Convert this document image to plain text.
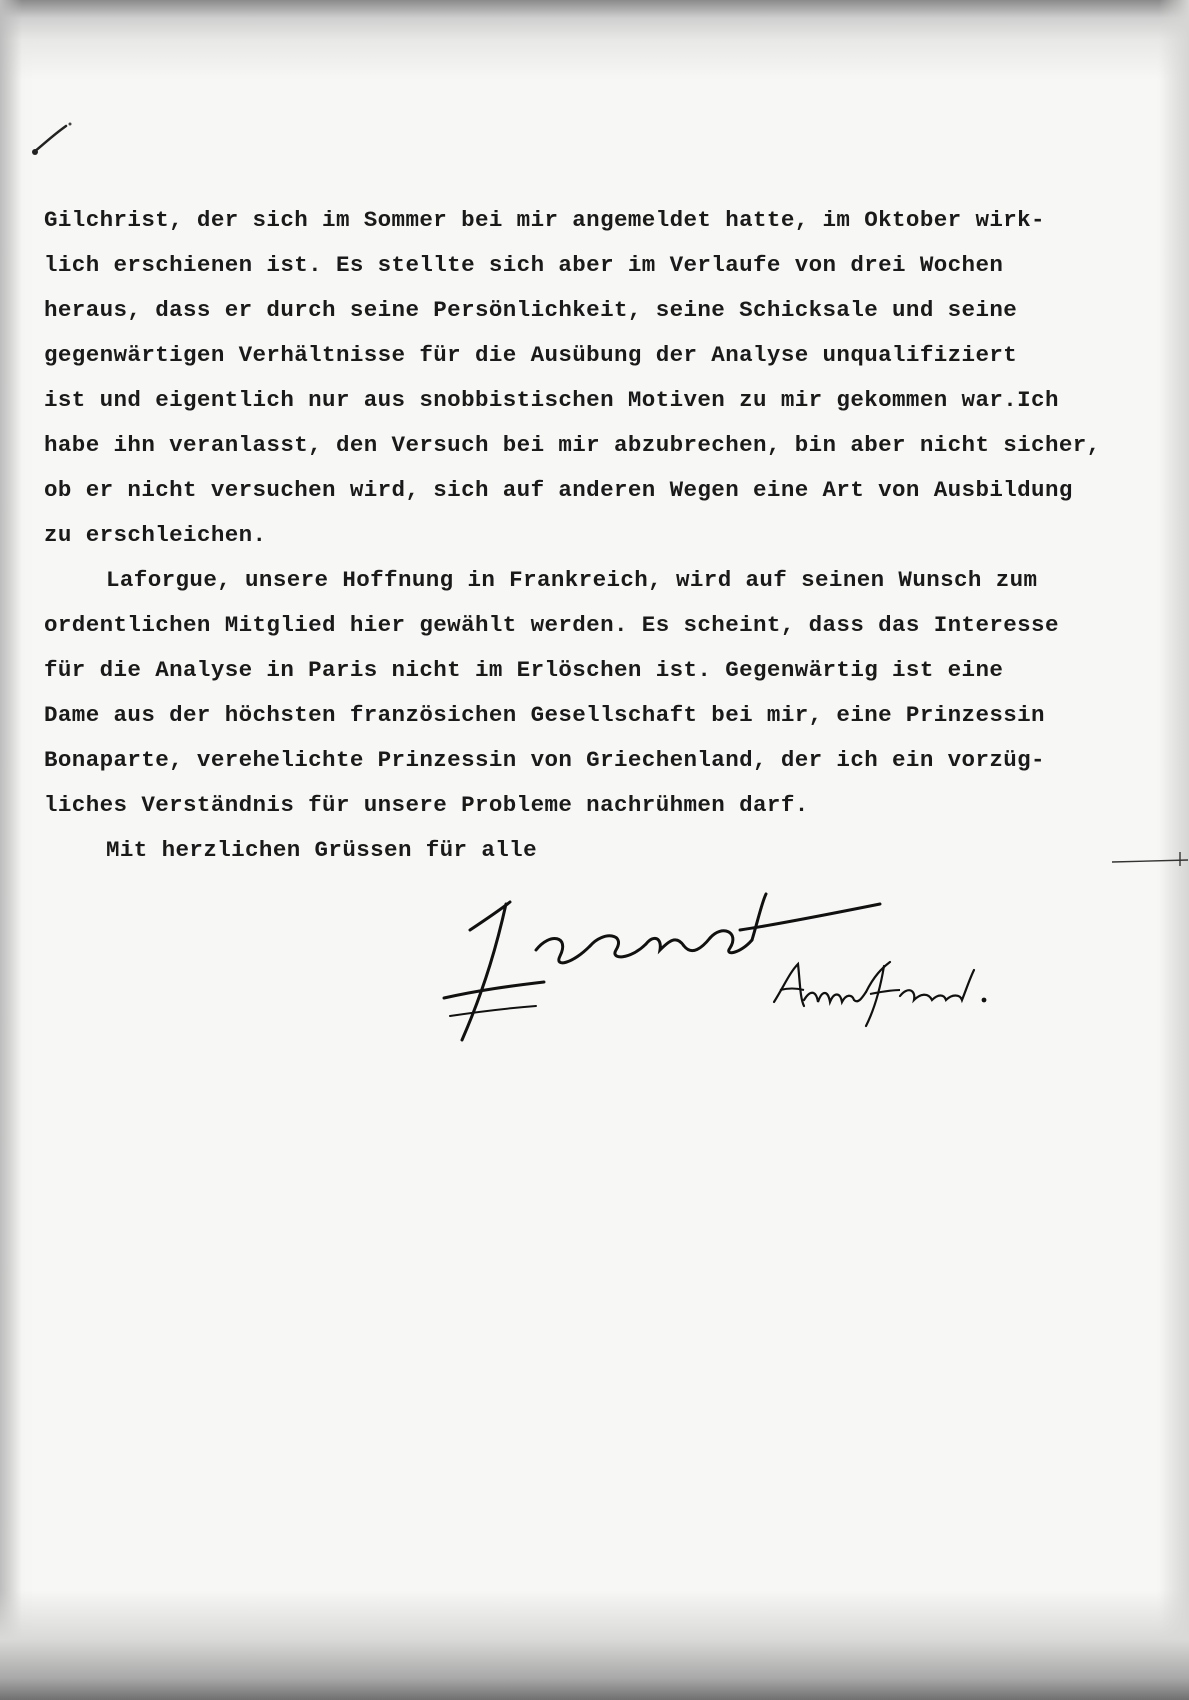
Gilchrist, der sich im Sommer bei mir angemeldet hatte, im Oktober wirk-
lich erschienen ist. Es stellte sich aber im Verlaufe von drei Wochen
heraus, dass er durch seine Persönlichkeit, seine Schicksale und seine
gegenwärtigen Verhältnisse für die Ausübung der Analyse unqualifiziert
ist und eigentlich nur aus snobbistischen Motiven zu mir gekommen war.Ich
habe ihn veranlasst, den Versuch bei mir abzubrechen, bin aber nicht sicher,
ob er nicht versuchen wird, sich auf anderen Wegen eine Art von Ausbildung
zu erschleichen.
Laforgue, unsere Hoffnung in Frankreich, wird auf seinen Wunsch zum
ordentlichen Mitglied hier gewählt werden. Es scheint, dass das Interesse
für die Analyse in Paris nicht im Erlöschen ist. Gegenwärtig ist eine
Dame aus der höchsten französichen Gesellschaft bei mir, eine Prinzessin
Bonaparte, verehelichte Prinzessin von Griechenland, der ich ein vorzüg-
liches Verständnis für unsere Probleme nachrühmen darf.
Mit herzlichen Grüssen für alle
